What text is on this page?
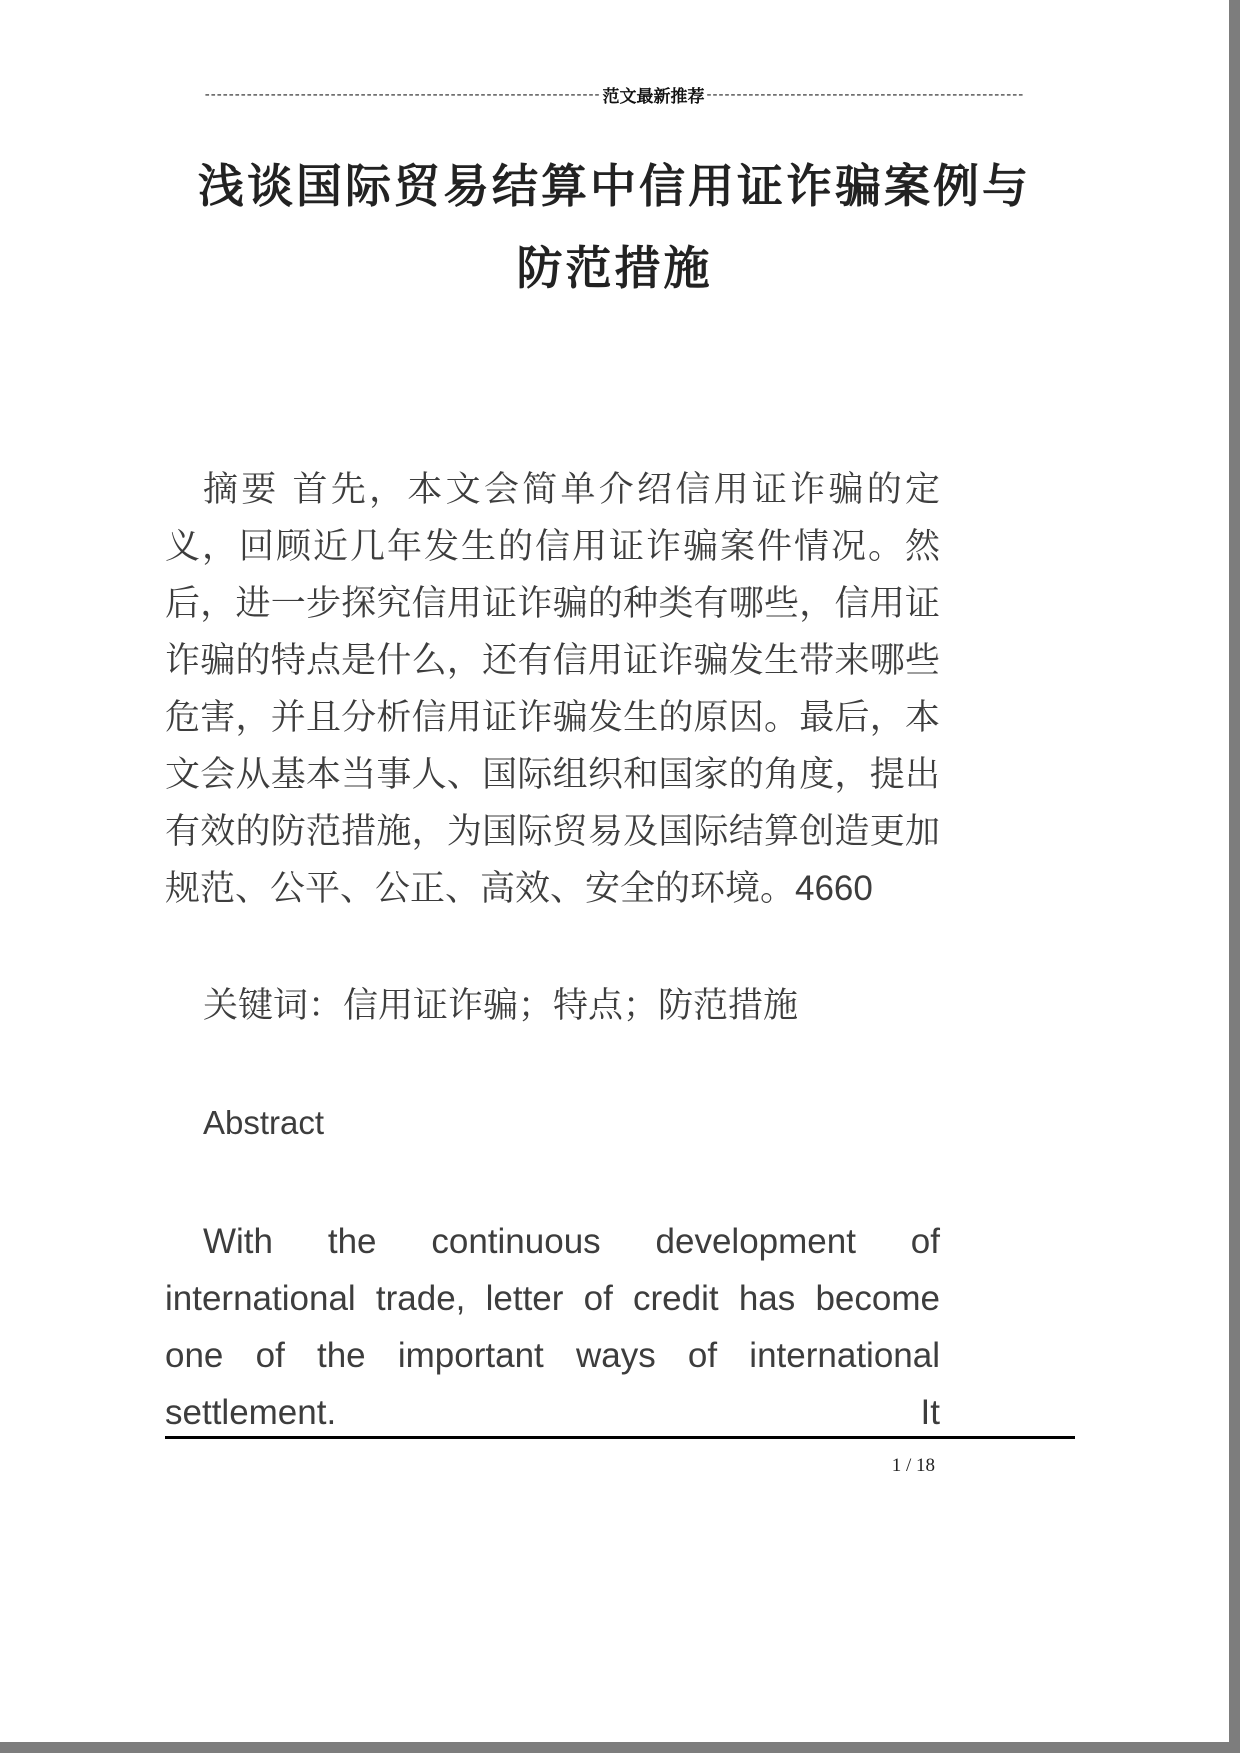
------------------------------------------------------------------ 范文最新推荐 -----------------------------------------------------
浅谈国际贸易结算中信用证诈骗案例与
防范措施

摘要 首先，本文会简单介绍信用证诈骗的定义，回顾近几年发生的信用证诈骗案件情况。然后，进一步探究信用证诈骗的种类有哪些，信用证诈骗的特点是什么，还有信用证诈骗发生带来哪些危害，并且分析信用证诈骗发生的原因。最后，本文会从基本当事人、国际组织和国家的角度，提出有效的防范措施，为国际贸易及国际结算创造更加规范、公平、公正、高效、安全的环境。4660

关键词：信用证诈骗；特点；防范措施

Abstract

With the continuous development of international trade, letter of credit has become one of the important ways of international settlement. It

1 / 18
